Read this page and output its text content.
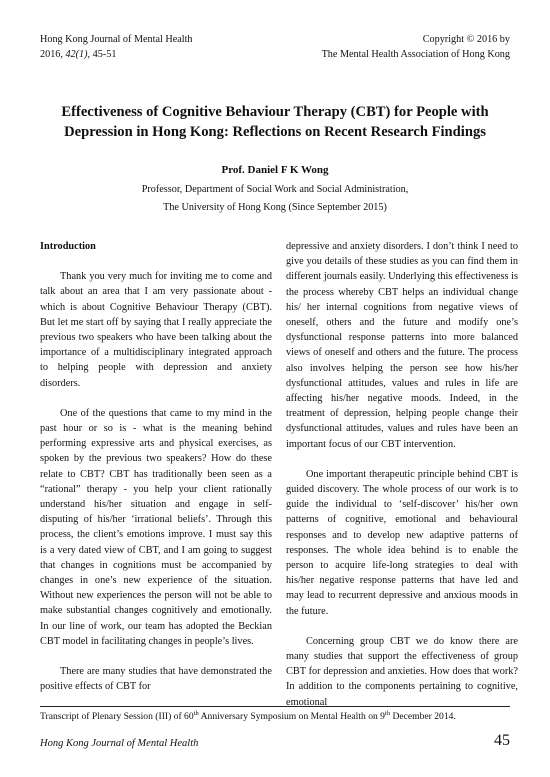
Hong Kong Journal of Mental Health
2016, 42(1), 45-51
Copyright © 2016 by
The Mental Health Association of Hong Kong
Effectiveness of Cognitive Behaviour Therapy (CBT) for People with
Depression in Hong Kong: Reflections on Recent Research Findings
Prof. Daniel F K Wong
Professor, Department of Social Work and Social Administration,
The University of Hong Kong (Since September 2015)

Introduction

Thank you very much for inviting me to come and talk about an area that I am very passionate about - which is about Cognitive Behaviour Therapy (CBT). But let me start off by saying that I really appreciate the previous two speakers who have been talking about the importance of a multidisciplinary integrated approach to helping people with depression and anxiety disorders.

One of the questions that came to my mind in the past hour or so is - what is the meaning behind performing expressive arts and physical exercises, as spoken by the previous two speakers? How do these relate to CBT? CBT has traditionally been seen as a “rational” therapy - you help your client rationally understand his/her situation and engage in self-disputing of his/her ‘irrational beliefs’. Through this process, the client’s emotions improve. I must say this is a very dated view of CBT, and I am going to suggest that changes in cognitions must be accompanied by changes in one’s new experience of the situation. Without new experiences the person will not be able to make substantial changes cognitively and emotionally. In our line of work, our team has adopted the Beckian CBT model in facilitating changes in people’s lives.

There are many studies that have demonstrated the positive effects of CBT for

depressive and anxiety disorders. I don’t think I need to give you details of these studies as you can find them in different journals easily. Underlying this effectiveness is the process whereby CBT helps an individual change his/ her internal cognitions from negative views of oneself, others and the future and modify one’s dysfunctional response patterns into more balanced views of oneself and others and the future. The process also involves helping the person see how his/her dysfunctional attitudes, values and rules in life are affecting his/her negative moods. Indeed, in the treatment of depression, helping people change their dysfunctional attitudes, values and rules have been an important focus of our CBT intervention.

One important therapeutic principle behind CBT is guided discovery. The whole process of our work is to guide the individual to ‘self-discover’ his/her own patterns of cognitive, emotional and behavioural responses and to develop new adaptive patterns of responses. The whole idea behind is to enable the person to acquire life-long strategies to deal with his/her negative response patterns that have led and may lead to recurrent depressive and anxious moods in the future.

Concerning group CBT we do know there are many studies that support the effectiveness of group CBT for depression and anxieties. How does that work? In addition to the components pertaining to cognitive, emotional

Transcript of Plenary Session (III) of 60th Anniversary Symposium on Mental Health on 9th December 2014.
Hong Kong Journal of Mental Health	45
